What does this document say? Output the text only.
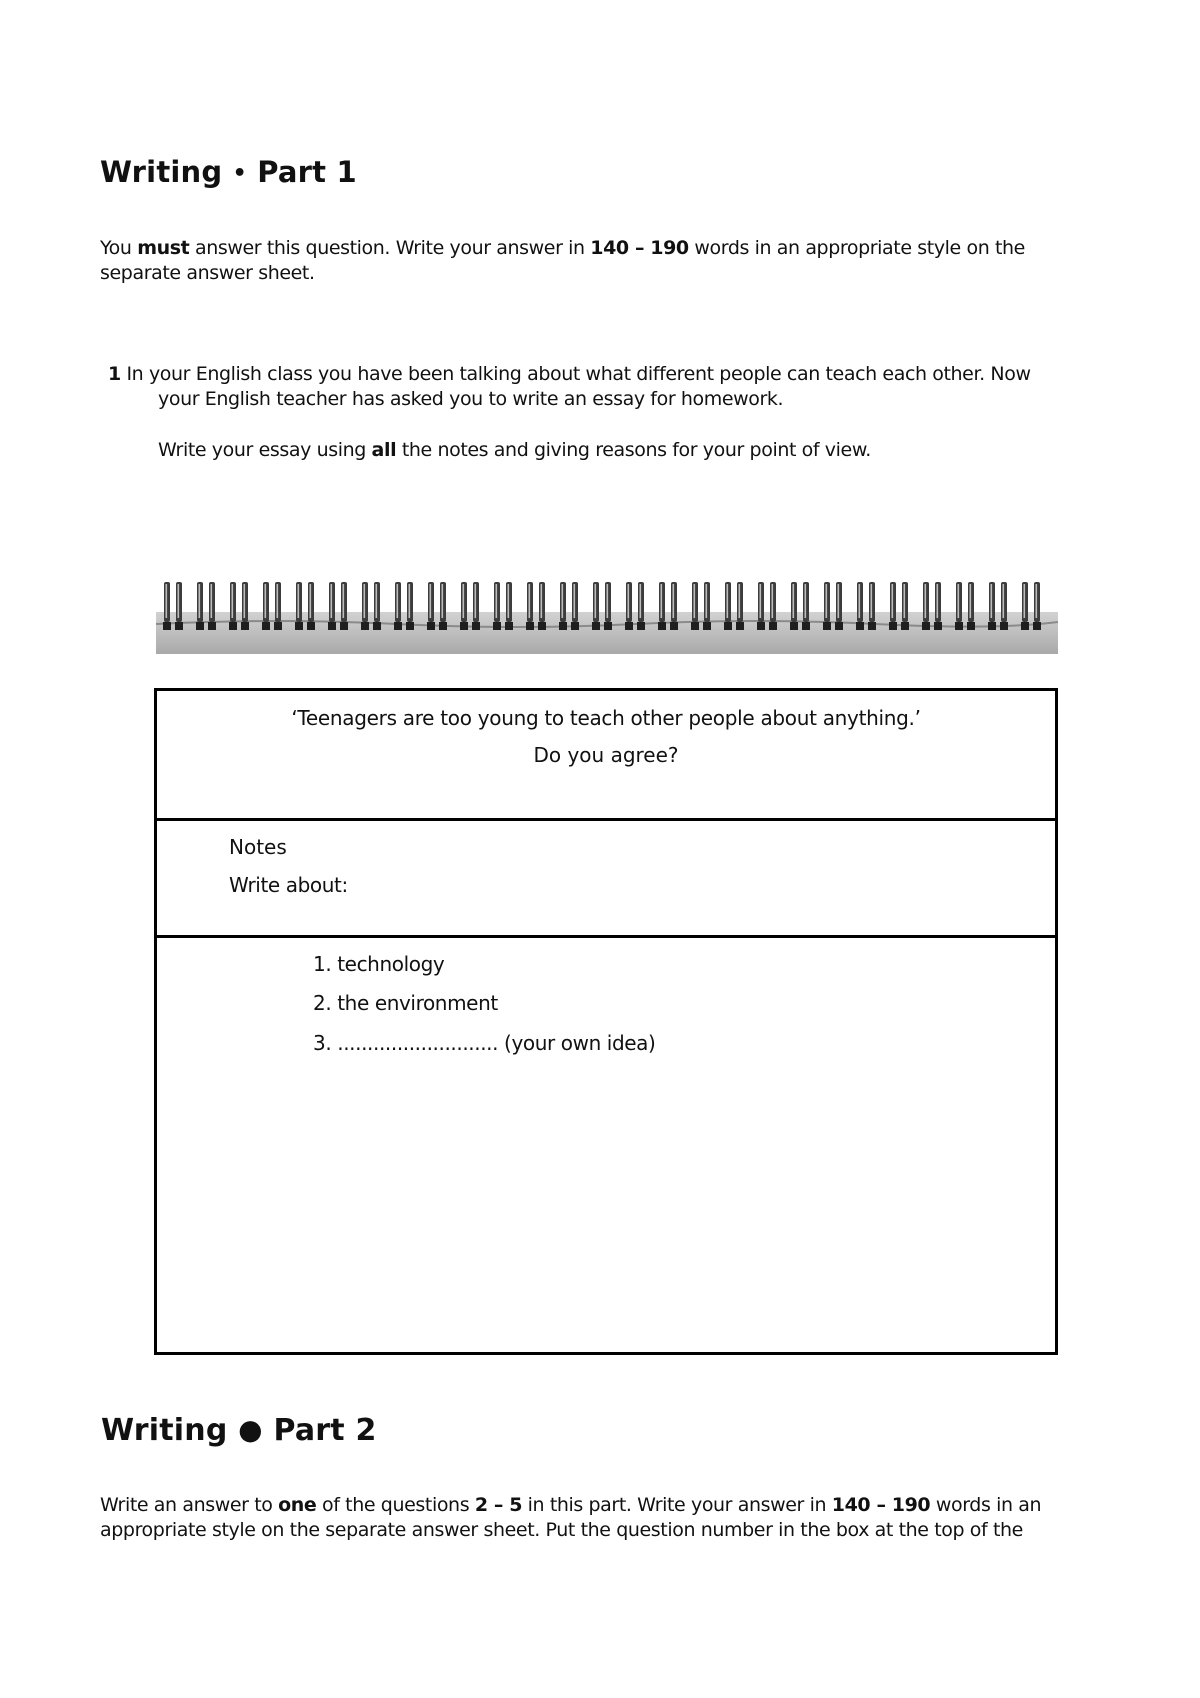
Writing • Part 1
You must answer this question. Write your answer in 140 – 190 words in an appropriate style on the
separate answer sheet.
1 In your English class you have been talking about what different people can teach each other. Now
your English teacher has asked you to write an essay for homework.
Write your essay using all the notes and giving reasons for your point of view.
‘Teenagers are too young to teach other people about anything.’
Do you agree?
Notes
Write about:
1. technology
2. the environment
3. ........................... (your own idea)
Writing ● Part 2
Write an answer to one of the questions 2 – 5 in this part. Write your answer in 140 – 190 words in an
appropriate style on the separate answer sheet. Put the question number in the box at the top of the
